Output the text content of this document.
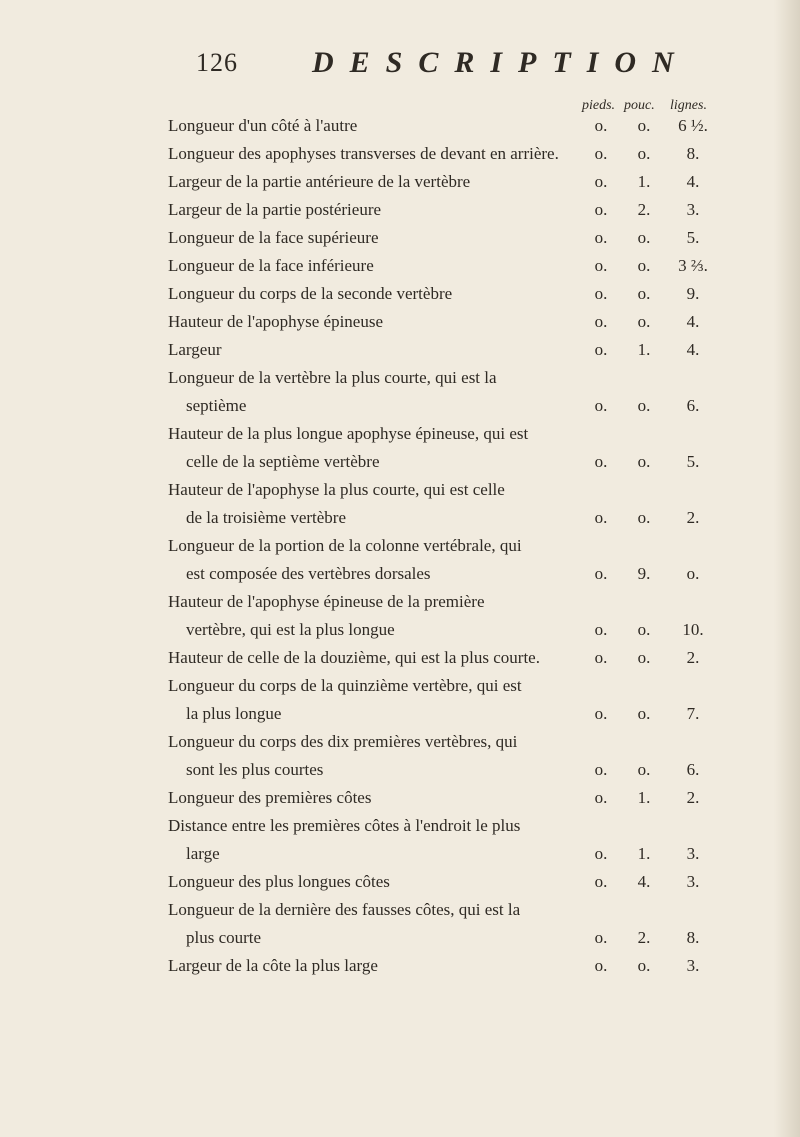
126 DESCRIPTION
pieds. pouc. lignes.
Longueur d'un côté à l'autre	o.	o.	6 ½.
Longueur des apophyses transverses de devant en arrière.	o.	o.	8.
Largeur de la partie antérieure de la vertèbre	o.	1.	4.
Largeur de la partie postérieure	o.	2.	3.
Longueur de la face supérieure	o.	o.	5.
Longueur de la face inférieure	o.	o.	3 ⅔.
Longueur du corps de la seconde vertèbre	o.	o.	9.
Hauteur de l'apophyse épineuse	o.	o.	4.
Largeur	o.	1.	4.
Longueur de la vertèbre la plus courte, qui est la
septième	o.	o.	6.
Hauteur de la plus longue apophyse épineuse, qui est
celle de la septième vertèbre	o.	o.	5.
Hauteur de l'apophyse la plus courte, qui est celle
de la troisième vertèbre	o.	o.	2.
Longueur de la portion de la colonne vertébrale, qui
est composée des vertèbres dorsales	o.	9.	o.
Hauteur de l'apophyse épineuse de la première
vertèbre, qui est la plus longue	o.	o.	10.
Hauteur de celle de la douzième, qui est la plus courte.	o.	o.	2.
Longueur du corps de la quinzième vertèbre, qui est
la plus longue	o.	o.	7.
Longueur du corps des dix premières vertèbres, qui
sont les plus courtes	o.	o.	6.
Longueur des premières côtes	o.	1.	2.
Distance entre les premières côtes à l'endroit le plus
large	o.	1.	3.
Longueur des plus longues côtes	o.	4.	3.
Longueur de la dernière des fausses côtes, qui est la
plus courte	o.	2.	8.
Largeur de la côte la plus large	o.	o.	3.
